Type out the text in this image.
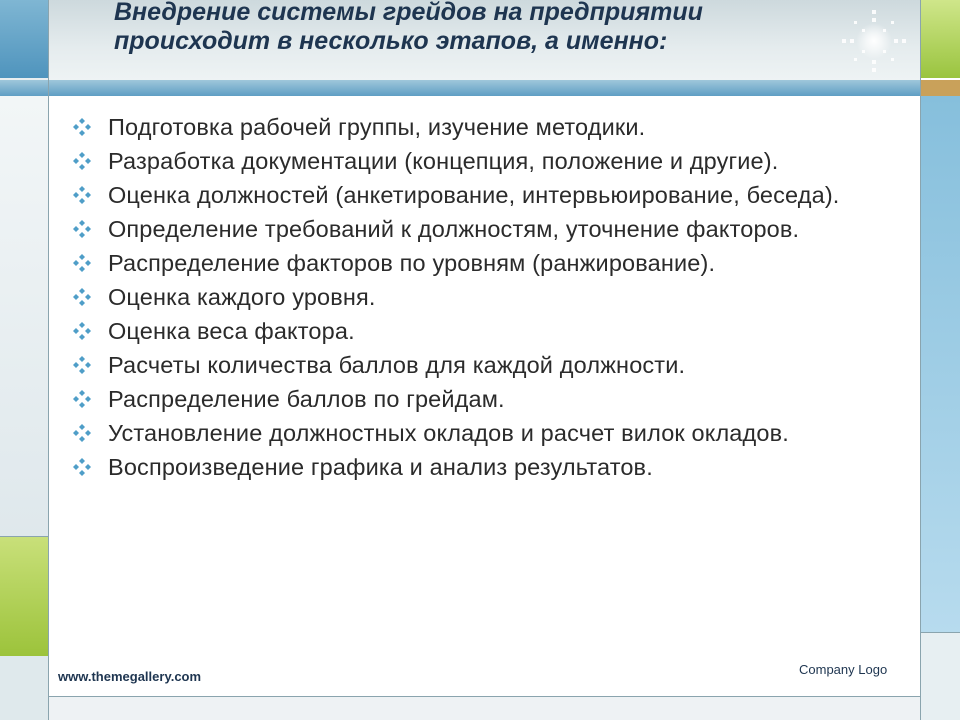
Внедрение системы грейдов на предприятии происходит в несколько этапов, а именно:
Подготовка рабочей группы, изучение методики.
Разработка документации (концепция, положение и другие).
Оценка должностей (анкетирование, интервьюирование, беседа).
Определение требований к должностям, уточнение факторов.
Распределение факторов по уровням (ранжирование).
Оценка каждого уровня.
Оценка веса фактора.
Расчеты количества баллов для каждой должности.
Распределение баллов по грейдам.
Установление должностных окладов и расчет вилок окладов.
Воспроизведение графика и анализ результатов.
www.themegallery.com	Company Logo
